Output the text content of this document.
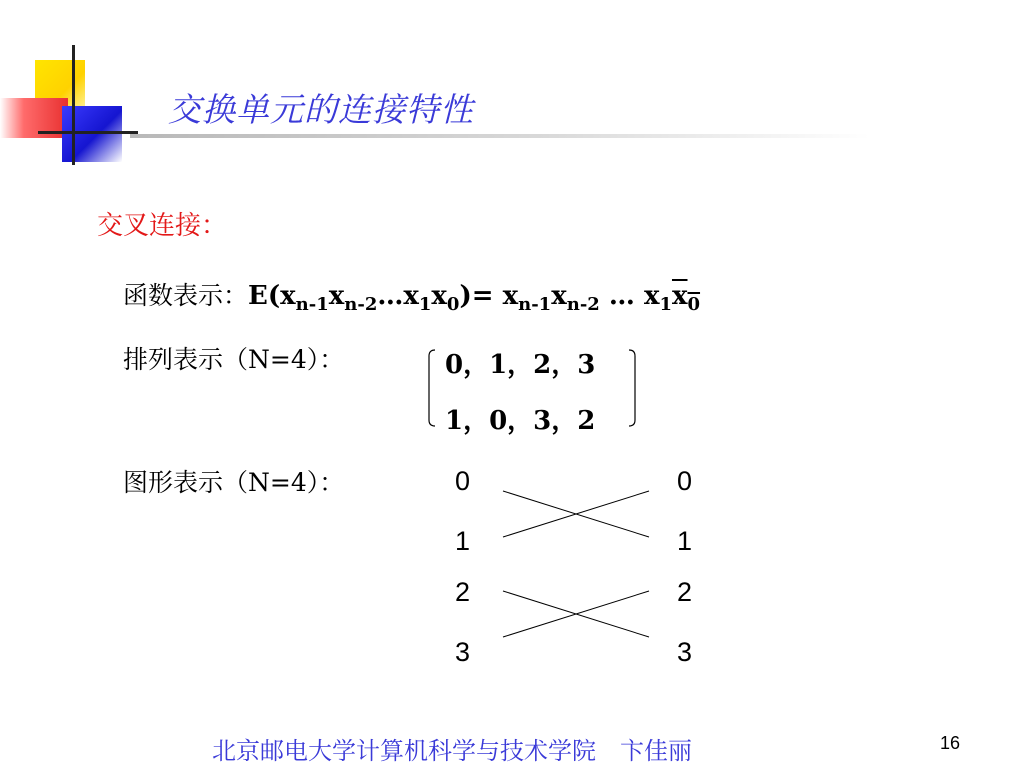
交换单元的连接特性
交叉连接：
函数表示：$E(x_{n-1}x_{n-2}\dots x_1x_0)= x_{n-1}x_{n-2}$ … $x_1x_0$
排列表示（N=4）：	0，1，2，3
1，0，3，2
图形表示（N=4）：	0
1
2
3
0
1
2
3
北京邮电大学计算机科学与技术学院　卞佳丽	16
